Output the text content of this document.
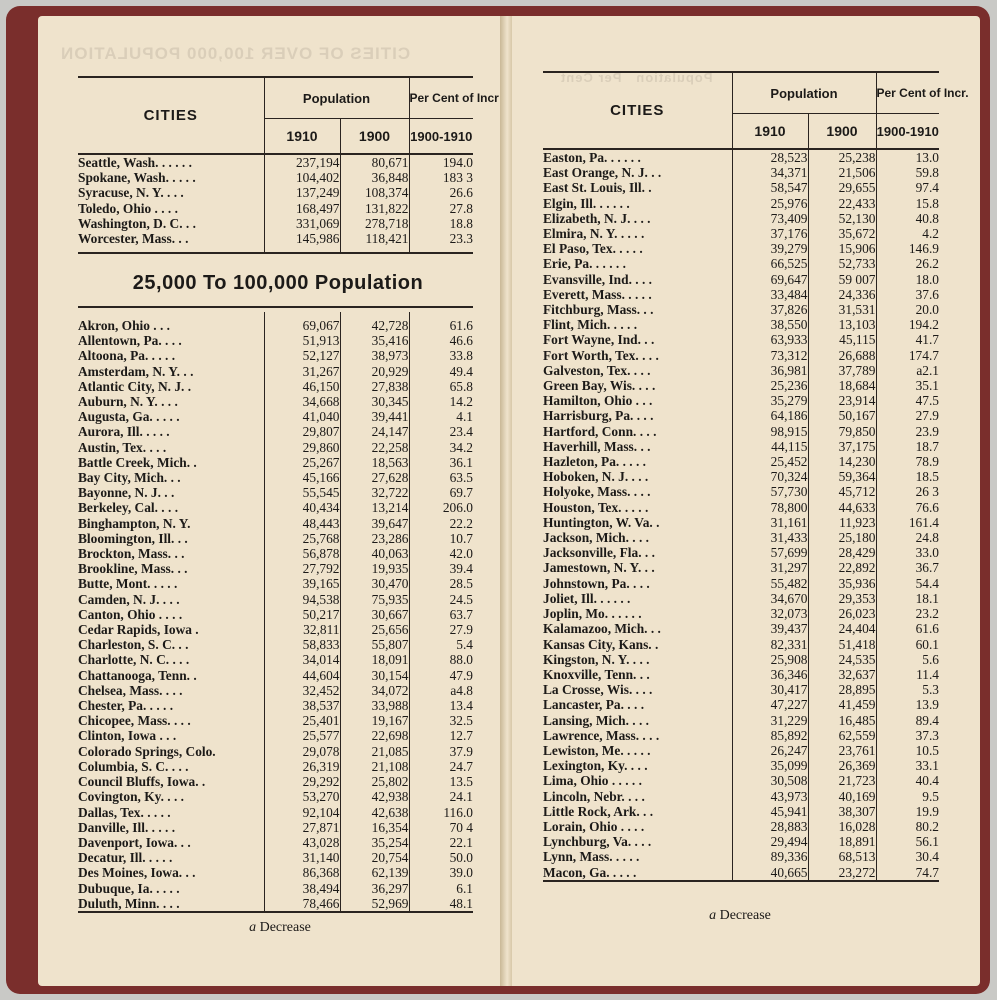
CITIES OF OVER 100,000 POPULATION
Population   Per Cent

CITIES	Population		Per Cent of Incr
	1910	1900	1900-1910
Seattle, Wash. . . . . .	237,194	80,671	194.0
Spokane, Wash. . . . .	104,402	36,848	183 3
Syracuse, N. Y. . . .	137,249	108,374	26.6
Toledo, Ohio . . . .	168,497	131,822	27.8
Washington, D. C. . .	331,069	278,718	18.8
Worcester, Mass. . .	145,986	118,421	23.3

25,000 To 100,000 Population

Akron, Ohio . . .	69,067	42,728	61.6
Allentown, Pa. . . .	51,913	35,416	46.6
Altoona, Pa. . . . .	52,127	38,973	33.8
Amsterdam, N. Y. . .	31,267	20,929	49.4
Atlantic City, N. J. .	46,150	27,838	65.8
Auburn, N. Y. . . .	34,668	30,345	14.2
Augusta, Ga. . . . .	41,040	39,441	4.1
Aurora, Ill. . . . .	29,807	24,147	23.4
Austin, Tex. . . .	29,860	22,258	34.2
Battle Creek, Mich. .	25,267	18,563	36.1
Bay City, Mich. . .	45,166	27,628	63.5
Bayonne, N. J. . .	55,545	32,722	69.7
Berkeley, Cal. . . .	40,434	13,214	206.0
Binghampton, N. Y.	48,443	39,647	22.2
Bloomington, Ill. . .	25,768	23,286	10.7
Brockton, Mass. . .	56,878	40,063	42.0
Brookline, Mass. . .	27,792	19,935	39.4
Butte, Mont. . . . .	39,165	30,470	28.5
Camden, N. J. . . .	94,538	75,935	24.5
Canton, Ohio . . . .	50,217	30,667	63.7
Cedar Rapids, Iowa .	32,811	25,656	27.9
Charleston, S. C. . .	58,833	55,807	5.4
Charlotte, N. C. . . .	34,014	18,091	88.0
Chattanooga, Tenn. .	44,604	30,154	47.9
Chelsea, Mass. . . .	32,452	34,072	a4.8
Chester, Pa. . . . .	38,537	33,988	13.4
Chicopee, Mass. . . .	25,401	19,167	32.5
Clinton, Iowa . . .	25,577	22,698	12.7
Colorado Springs, Colo.	29,078	21,085	37.9
Columbia, S. C. . . .	26,319	21,108	24.7
Council Bluffs, Iowa. .	29,292	25,802	13.5
Covington, Ky. . . .	53,270	42,938	24.1
Dallas, Tex. . . . .	92,104	42,638	116.0
Danville, Ill. . . . .	27,871	16,354	70 4
Davenport, Iowa. . .	43,028	35,254	22.1
Decatur, Ill. . . . .	31,140	20,754	50.0
Des Moines, Iowa. . .	86,368	62,139	39.0
Dubuque, Ia. . . . .	38,494	36,297	6.1
Duluth, Minn. . . .	78,466	52,969	48.1

a Decrease

CITIES	Population		Per Cent of Incr.
	1910	1900	1900-1910
Easton, Pa. . . . . .	28,523	25,238	13.0
East Orange, N. J. . .	34,371	21,506	59.8
East St. Louis, Ill. .	58,547	29,655	97.4
Elgin, Ill. . . . . .	25,976	22,433	15.8
Elizabeth, N. J. . . .	73,409	52,130	40.8
Elmira, N. Y. . . . .	37,176	35,672	4.2
El Paso, Tex. . . . .	39,279	15,906	146.9
Erie, Pa. . . . . .	66,525	52,733	26.2
Evansville, Ind. . . .	69,647	59 007	18.0
Everett, Mass. . . . .	33,484	24,336	37.6
Fitchburg, Mass. . .	37,826	31,531	20.0
Flint, Mich. . . . .	38,550	13,103	194.2
Fort Wayne, Ind. . .	63,933	45,115	41.7
Fort Worth, Tex. . . .	73,312	26,688	174.7
Galveston, Tex. . . .	36,981	37,789	a2.1
Green Bay, Wis. . . .	25,236	18,684	35.1
Hamilton, Ohio . . .	35,279	23,914	47.5
Harrisburg, Pa. . . .	64,186	50,167	27.9
Hartford, Conn. . . .	98,915	79,850	23.9
Haverhill, Mass. . .	44,115	37,175	18.7
Hazleton, Pa. . . . .	25,452	14,230	78.9
Hoboken, N. J. . . .	70,324	59,364	18.5
Holyoke, Mass. . . .	57,730	45,712	26 3
Houston, Tex. . . . .	78,800	44,633	76.6
Huntington, W. Va. .	31,161	11,923	161.4
Jackson, Mich. . . .	31,433	25,180	24.8
Jacksonville, Fla. . .	57,699	28,429	33.0
Jamestown, N. Y. . .	31,297	22,892	36.7
Johnstown, Pa. . . .	55,482	35,936	54.4
Joliet, Ill. . . . . .	34,670	29,353	18.1
Joplin, Mo. . . . . .	32,073	26,023	23.2
Kalamazoo, Mich. . .	39,437	24,404	61.6
Kansas City, Kans. .	82,331	51,418	60.1
Kingston, N. Y. . . .	25,908	24,535	5.6
Knoxville, Tenn. . .	36,346	32,637	11.4
La Crosse, Wis. . . .	30,417	28,895	5.3
Lancaster, Pa. . . .	47,227	41,459	13.9
Lansing, Mich. . . .	31,229	16,485	89.4
Lawrence, Mass. . . .	85,892	62,559	37.3
Lewiston, Me. . . . .	26,247	23,761	10.5
Lexington, Ky. . . .	35,099	26,369	33.1
Lima, Ohio . . . . .	30,508	21,723	40.4
Lincoln, Nebr. . . .	43,973	40,169	9.5
Little Rock, Ark. . .	45,941	38,307	19.9
Lorain, Ohio . . . .	28,883	16,028	80.2
Lynchburg, Va. . . .	29,494	18,891	56.1
Lynn, Mass. . . . .	89,336	68,513	30.4
Macon, Ga. . . . .	40,665	23,272	74.7

a Decrease
